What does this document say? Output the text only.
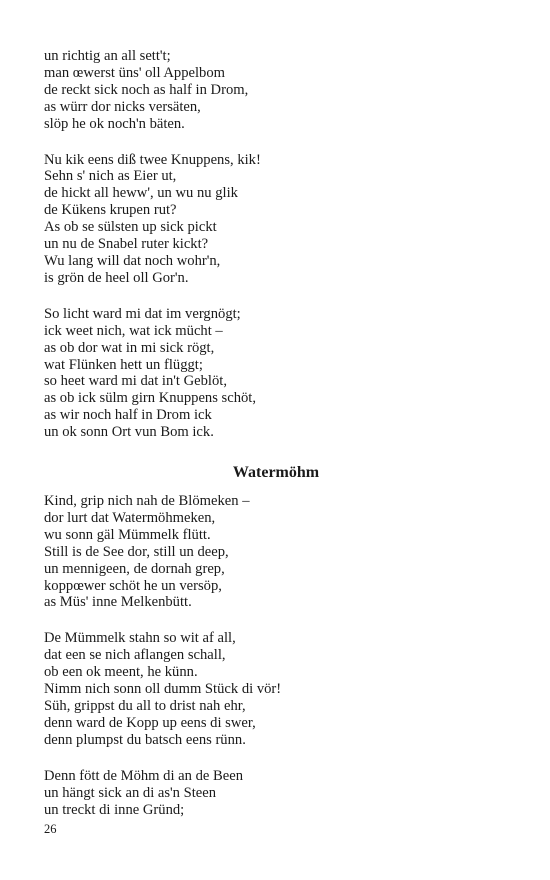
un richtig an all sett't;
man œwerst üns' oll Appelbom
de reckt sick noch as half in Drom,
as würr dor nicks versäten,
slöp he ok noch'n bäten.
Nu kik eens diß twee Knuppens, kik!
Sehn s' nich as Eier ut,
de hickt all heww', un wu nu glik
de Kükens krupen rut?
As ob se sülsten up sick pickt
un nu de Snabel ruter kickt?
Wu lang will dat noch wohr'n,
is grön de heel oll Gor'n.
So licht ward mi dat im vergnögt;
ick weet nich, wat ick mücht –
as ob dor wat in mi sick rögt,
wat Flünken hett un flüggt;
so heet ward mi dat in't Geblöt,
as ob ick sülm girn Knuppens schöt,
as wir noch half in Drom ick
un ok sonn Ort vun Bom ick.
Watermöhm
Kind, grip nich nah de Blömeken –
dor lurt dat Watermöhmeken,
wu sonn gäl Mümmelk flütt.
Still is de See dor, still un deep,
un mennigeen, de dornah grep,
koppœwer schöt he un versöp,
as Müs' inne Melkenbütt.
De Mümmelk stahn so wit af all,
dat een se nich aflangen schall,
ob een ok meent, he künn.
Nimm nich sonn oll dumm Stück di vör!
Süh, grippst du all to drist nah ehr,
denn ward de Kopp up eens di swer,
denn plumpst du batsch eens rünn.
Denn fött de Möhm di an de Been
un hängt sick an di as'n Steen
un treckt di inne Gründ;
26
